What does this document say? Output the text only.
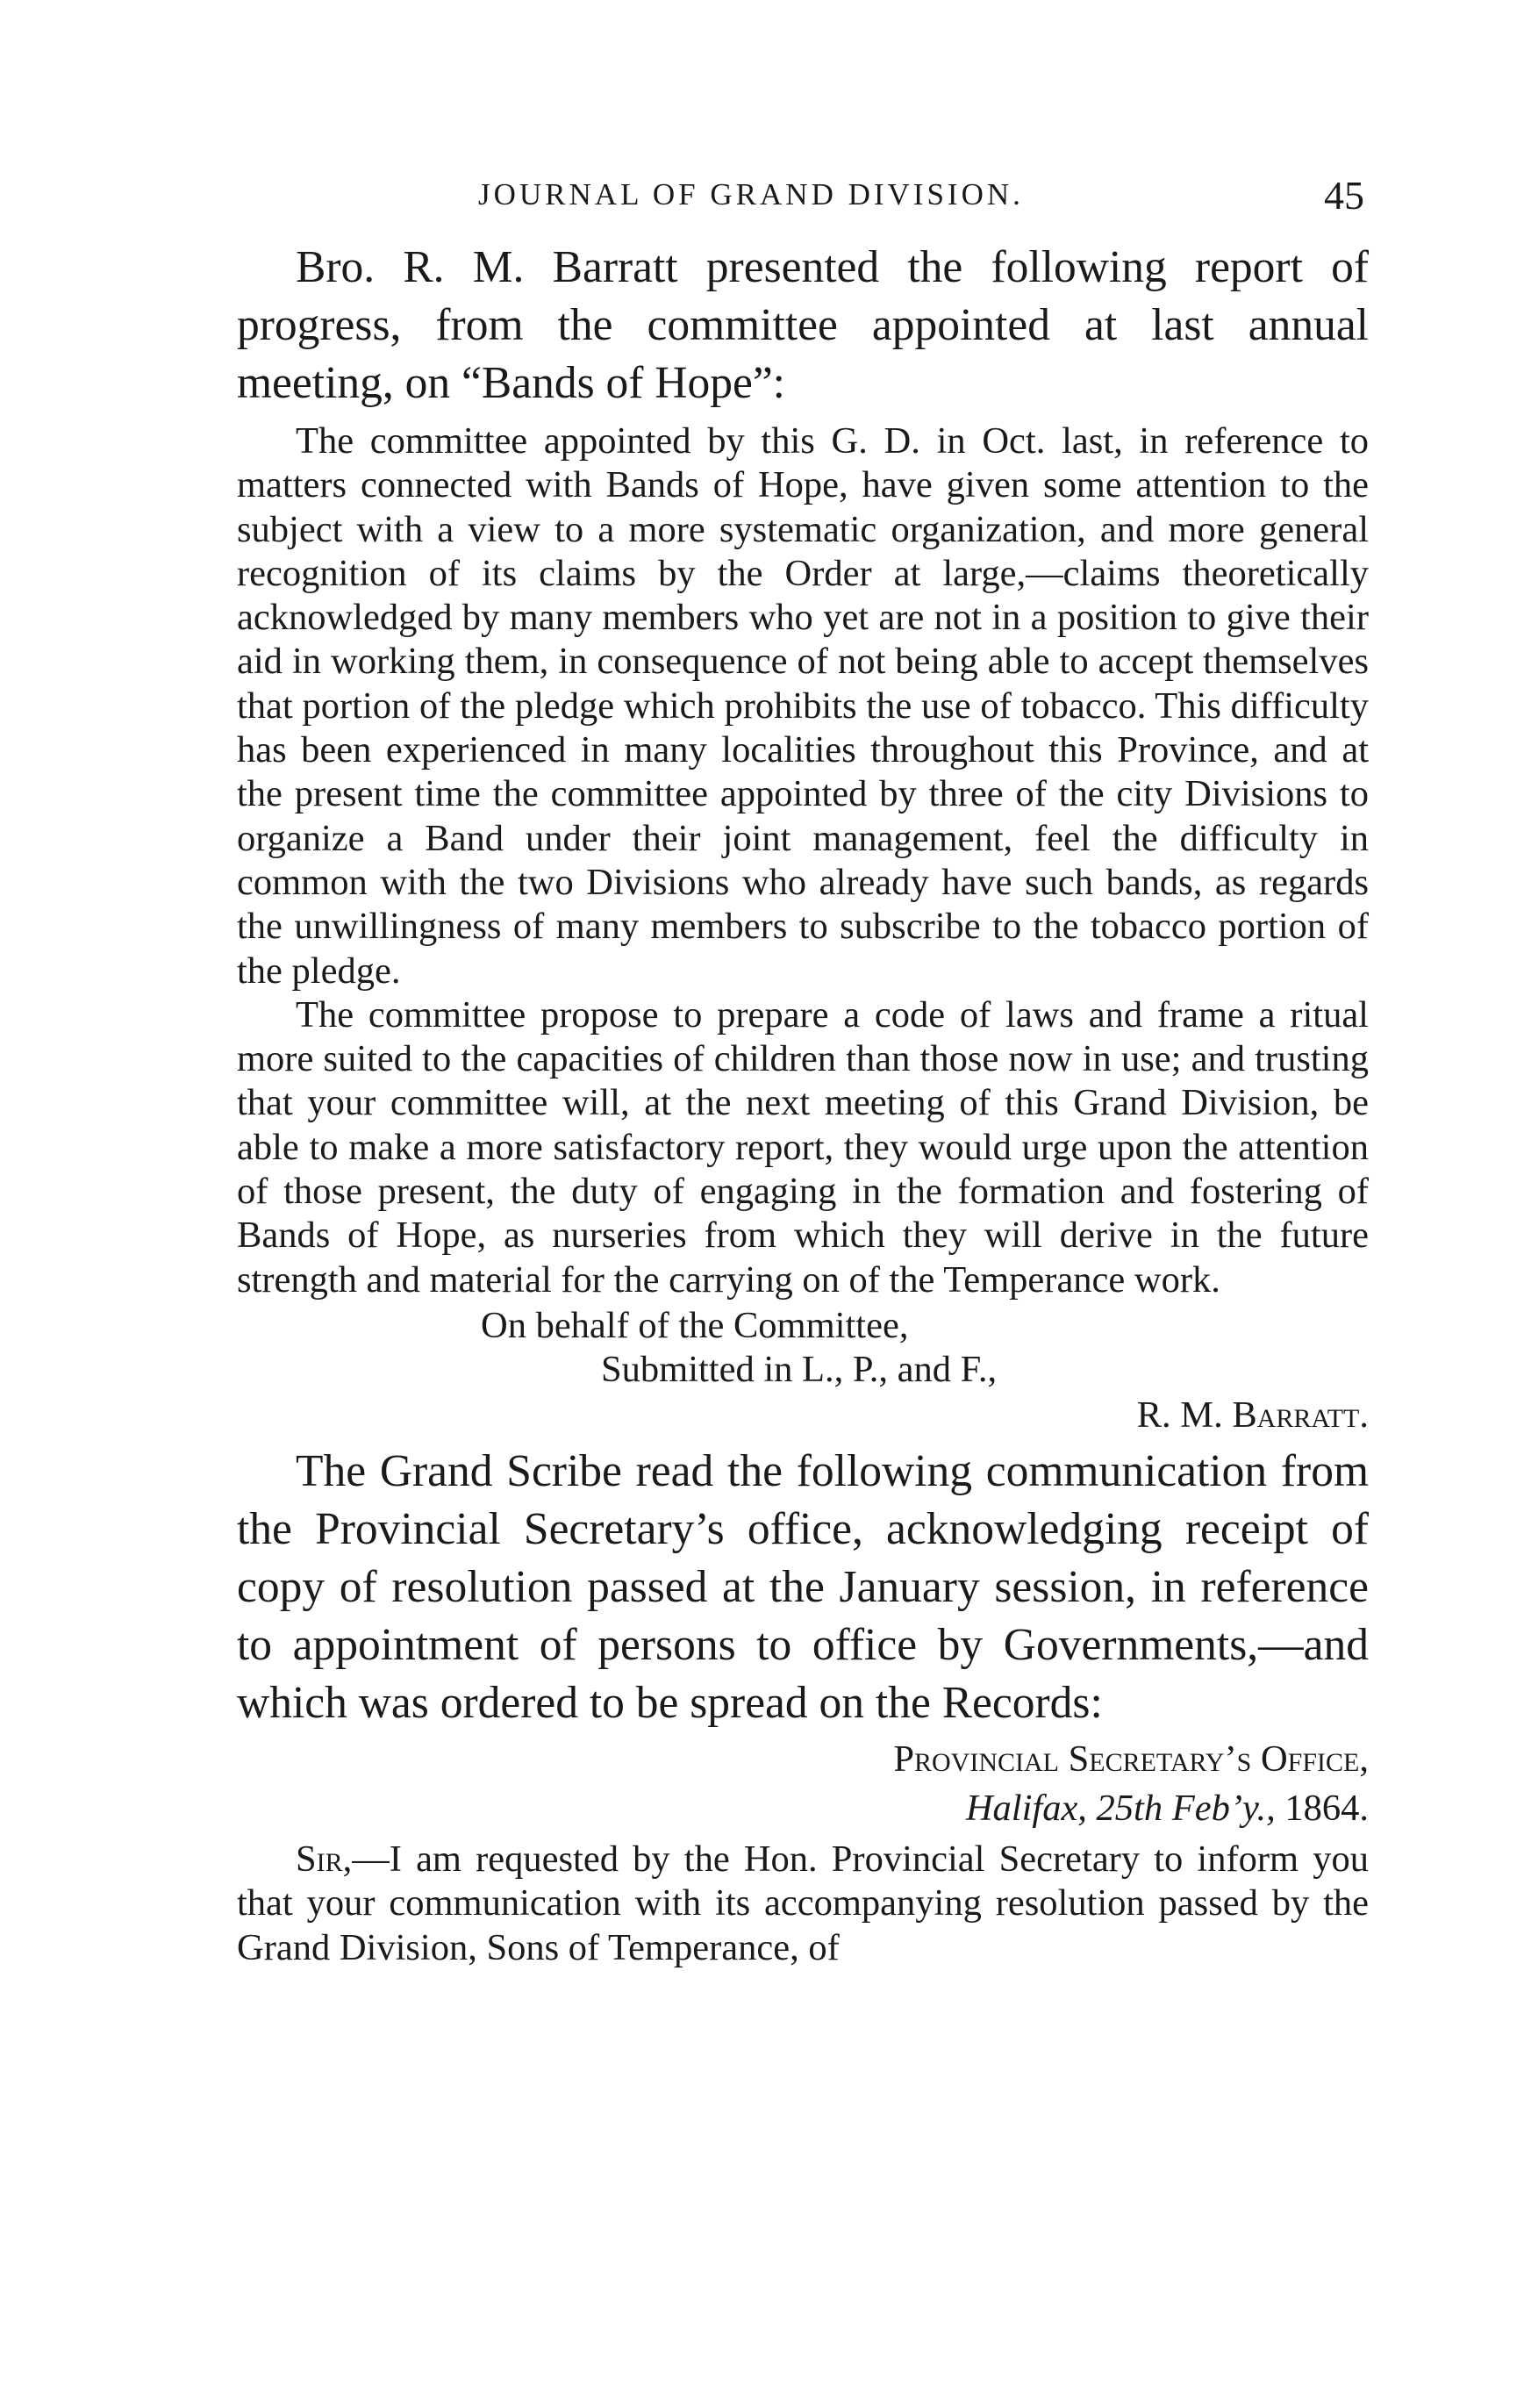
JOURNAL OF GRAND DIVISION.	45

Bro. R. M. Barratt presented the following report of progress, from the committee appointed at last annual meeting, on “Bands of Hope”:

The committee appointed by this G. D. in Oct. last, in reference to matters connected with Bands of Hope, have given some attention to the subject with a view to a more systematic organization, and more general recognition of its claims by the Order at large,—claims theoretically acknowledged by many members who yet are not in a position to give their aid in working them, in consequence of not being able to accept themselves that portion of the pledge which prohibits the use of tobacco. This difficulty has been experienced in many localities throughout this Province, and at the present time the committee appointed by three of the city Divisions to organize a Band under their joint management, feel the difficulty in common with the two Divisions who already have such bands, as regards the unwillingness of many members to subscribe to the tobacco portion of the pledge.

The committee propose to prepare a code of laws and frame a ritual more suited to the capacities of children than those now in use; and trusting that your committee will, at the next meeting of this Grand Division, be able to make a more satisfactory report, they would urge upon the attention of those present, the duty of engaging in the formation and fostering of Bands of Hope, as nurseries from which they will derive in the future strength and material for the carrying on of the Temperance work.

On behalf of the Committee,
Submitted in L., P., and F.,
R. M. Barratt.

The Grand Scribe read the following communication from the Provincial Secretary’s office, acknowledging receipt of copy of resolution passed at the January session, in reference to appointment of persons to office by Governments,—and which was ordered to be spread on the Records:

Provincial Secretary’s Office,
Halifax, 25th Feb’y., 1864.

Sir,—I am requested by the Hon. Provincial Secretary to inform you that your communication with its accompanying resolution passed by the Grand Division, Sons of Temperance, of
